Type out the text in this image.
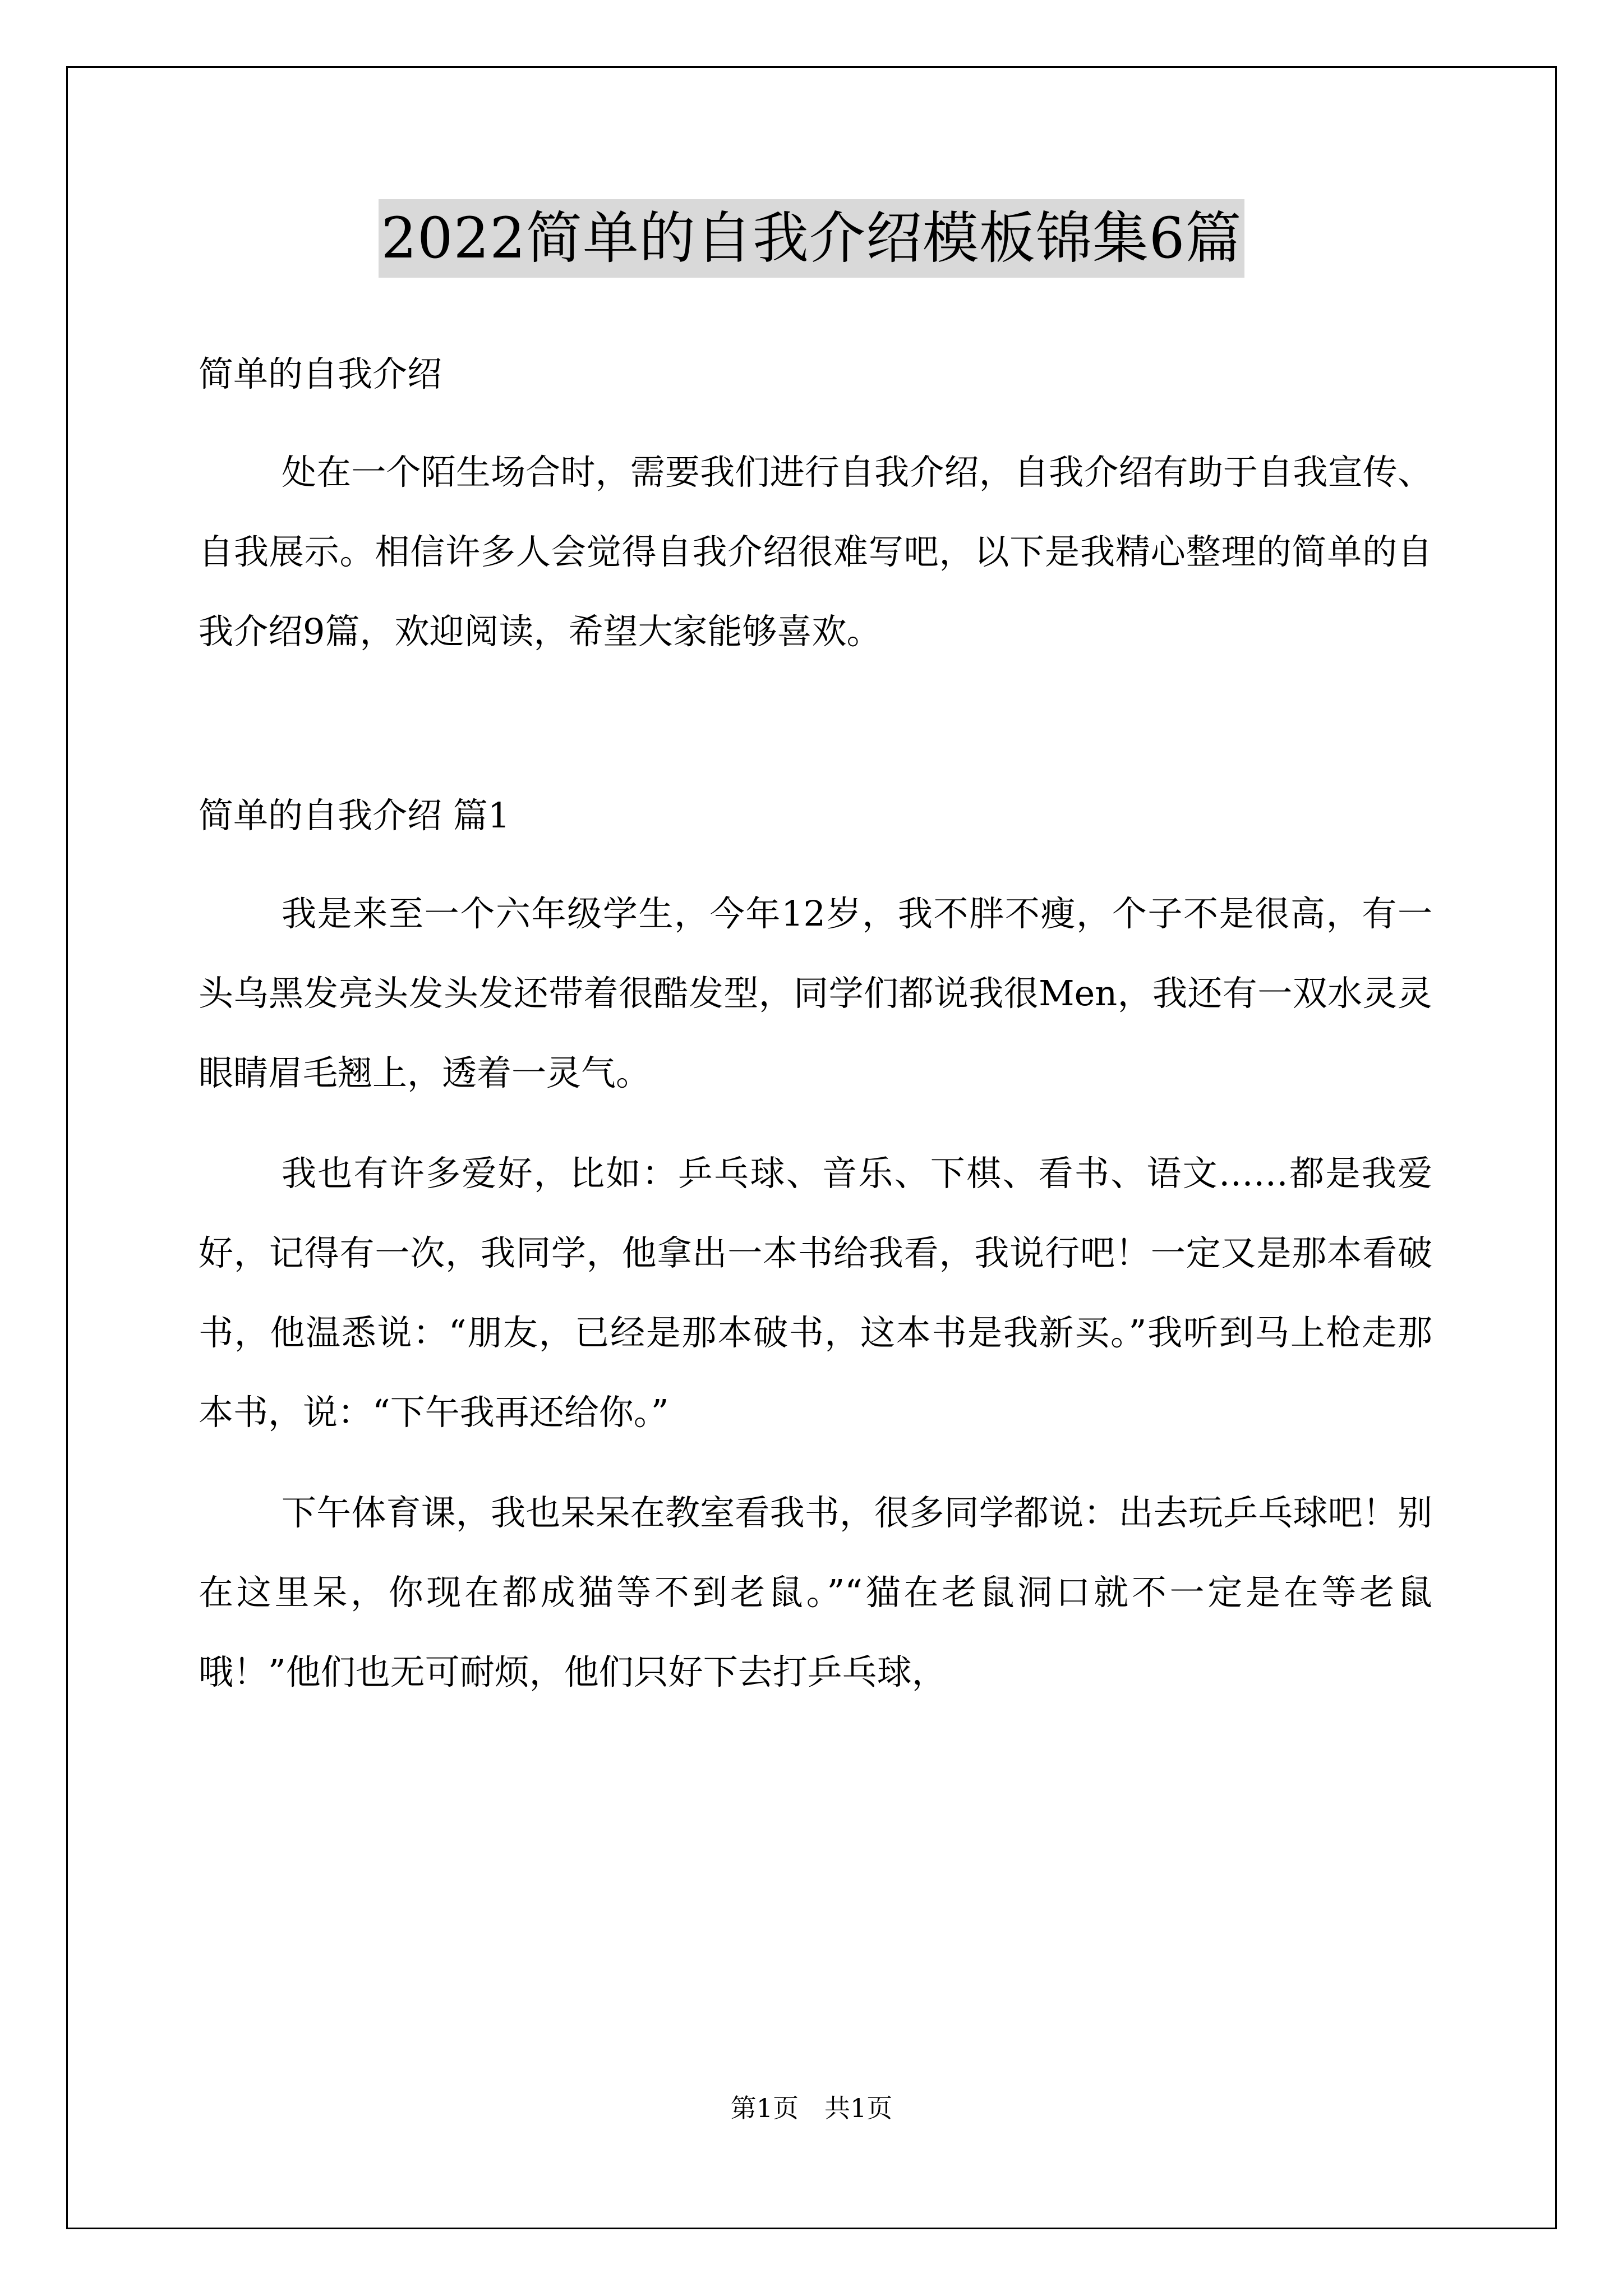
2022简单的自我介绍模板锦集6篇

简单的自我介绍

处在一个陌生场合时，需要我们进行自我介绍，自我介绍有助于自我宣传、自我展示。相信许多人会觉得自我介绍很难写吧，以下是我精心整理的简单的自我介绍9篇，欢迎阅读，希望大家能够喜欢。

简单的自我介绍 篇1

我是来至一个六年级学生，今年12岁，我不胖不瘦，个子不是很高，有一头乌黑发亮头发头发还带着很酷发型，同学们都说我很Men，我还有一双水灵灵眼睛眉毛翘上，透着一灵气。

我也有许多爱好，比如：乒乓球、音乐、下棋、看书、语文……都是我爱好，记得有一次，我同学，他拿出一本书给我看，我说行吧！一定又是那本看破书，他温悉说：“朋友，已经是那本破书，这本书是我新买。”我听到马上枪走那本书，说：“下午我再还给你。”

下午体育课，我也呆呆在教室看我书，很多同学都说：出去玩乒乓球吧！别在这里呆，你现在都成猫等不到老鼠。”“猫在老鼠洞口就不一定是在等老鼠哦！”他们也无可耐烦，他们只好下去打乒乓球，

第1页　共1页
